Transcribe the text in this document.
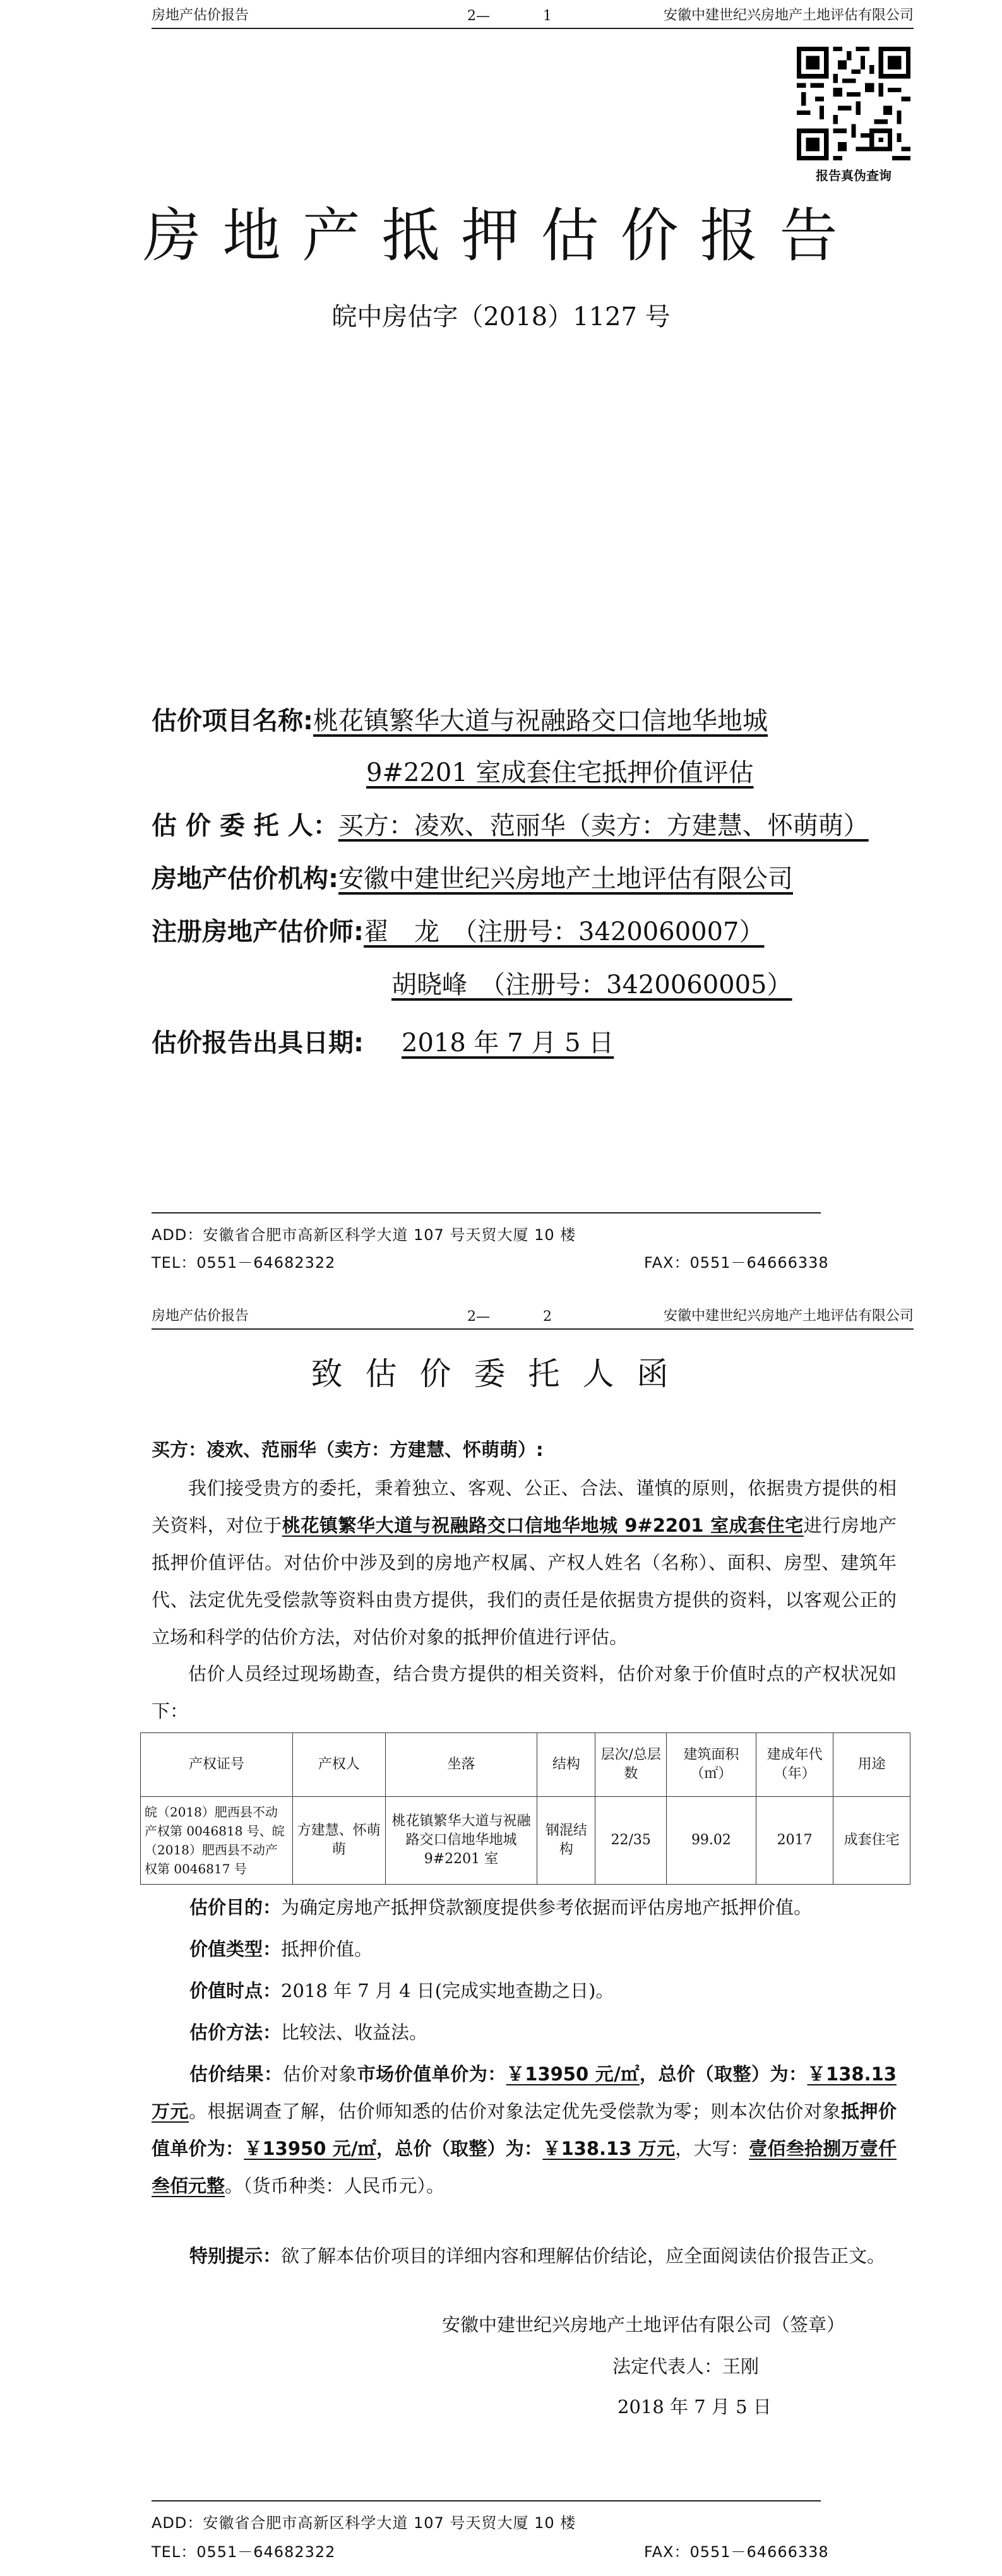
房地产估价报告	2—	1	安徽中建世纪兴房地产土地评估有限公司
报告真伪查询
房地产抵押估价报告
皖中房估字（2018）1127 号
估价项目名称:桃花镇繁华大道与祝融路交口信地华地城
9#2201 室成套住宅抵押价值评估
估 价 委 托 人：买方：凌欢、范丽华（卖方：方建慧、怀萌萌）
房地产估价机构:安徽中建世纪兴房地产土地评估有限公司
注册房地产估价师:翟　龙　（注册号：3420060007）
胡晓峰　（注册号：3420060005）
估价报告出具日期: 2018 年 7 月 5 日
ADD：安徽省合肥市高新区科学大道 107 号天贸大厦 10 楼
TEL：0551－64682322	FAX：0551－64666338
房地产估价报告	2—	2	安徽中建世纪兴房地产土地评估有限公司
致估价委托人函
买方：凌欢、范丽华（卖方：方建慧、怀萌萌）:
我们接受贵方的委托，秉着独立、客观、公正、合法、谨慎的原则，依据贵方提供的相关资料，对位于桃花镇繁华大道与祝融路交口信地华地城 9#2201 室成套住宅进行房地产抵押价值评估。对估价中涉及到的房地产权属、产权人姓名（名称）、面积、房型、建筑年代、法定优先受偿款等资料由贵方提供，我们的责任是依据贵方提供的资料，以客观公正的立场和科学的估价方法，对估价对象的抵押价值进行评估。
估价人员经过现场勘查，结合贵方提供的相关资料，估价对象于价值时点的产权状况如下：
产权证号	产权人	坐落	结构	层次/总层数	建筑面积（㎡）	建成年代（年）	用途
皖（2018）肥西县不动产权第 0046818 号、皖（2018）肥西县不动产权第 0046817 号	方建慧、怀萌萌	桃花镇繁华大道与祝融路交口信地华地城 9#2201 室	钢混结构	22/35	99.02	2017	成套住宅
估价目的：为确定房地产抵押贷款额度提供参考依据而评估房地产抵押价值。
价值类型：抵押价值。
价值时点：2018 年 7 月 4 日(完成实地查勘之日)。
估价方法：比较法、收益法。
估价结果：估价对象市场价值单价为：￥13950 元/㎡，总价（取整）为：￥138.13 万元。根据调查了解，估价师知悉的估价对象法定优先受偿款为零；则本次估价对象抵押价值单价为：￥13950 元/㎡，总价（取整）为：￥138.13 万元，大写：壹佰叁拾捌万壹仟叁佰元整。（货币种类：人民币元）。
特别提示：欲了解本估价项目的详细内容和理解估价结论，应全面阅读估价报告正文。
安徽中建世纪兴房地产土地评估有限公司（签章）
法定代表人：王刚
2018 年 7 月 5 日
ADD：安徽省合肥市高新区科学大道 107 号天贸大厦 10 楼
TEL：0551－64682322	FAX：0551－64666338
